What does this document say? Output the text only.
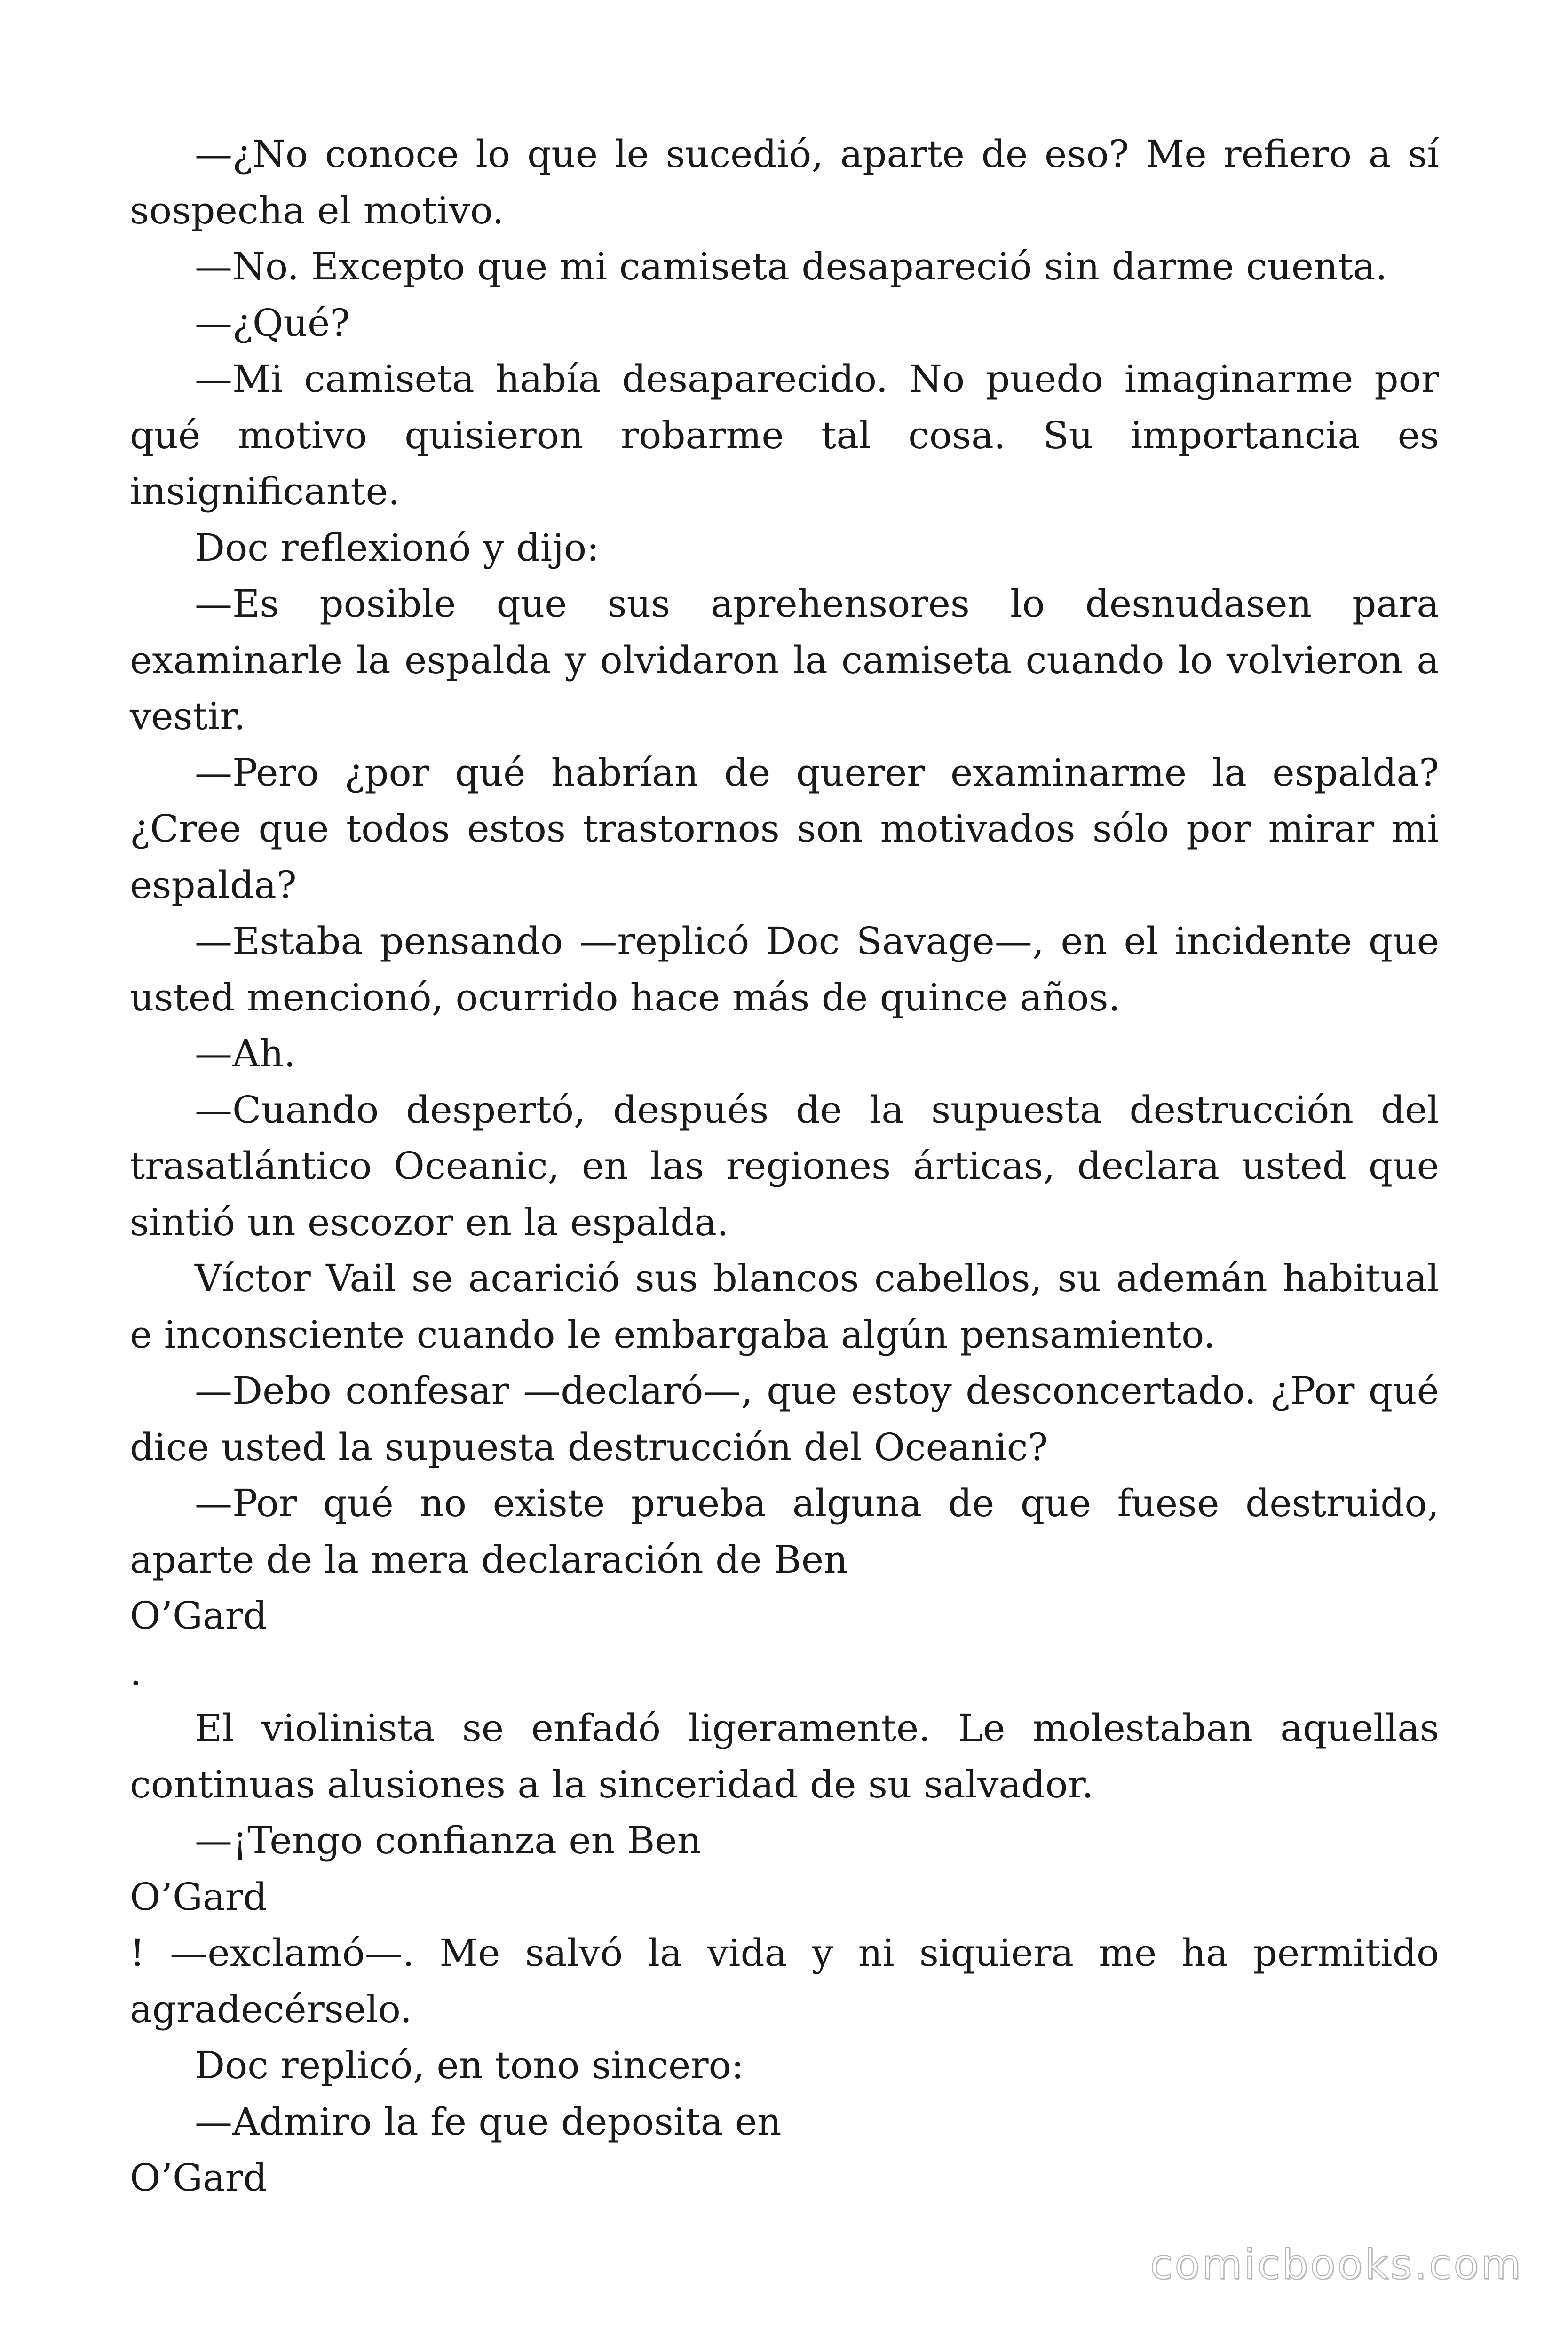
—¿No conoce lo que le sucedió, aparte de eso? Me refiero a sí sospecha el motivo.

—No. Excepto que mi camiseta desapareció sin darme cuenta.

—¿Qué?

—Mi camiseta había desaparecido. No puedo imaginarme por qué motivo quisieron robarme tal cosa. Su importancia es insignificante.

Doc reflexionó y dijo:

—Es posible que sus aprehensores lo desnudasen para examinarle la espalda y olvidaron la camiseta cuando lo volvieron a vestir.

—Pero ¿por qué habrían de querer examinarme la espalda? ¿Cree que todos estos trastornos son motivados sólo por mirar mi espalda?

—Estaba pensando —replicó Doc Savage—, en el incidente que usted mencionó, ocurrido hace más de quince años.

—Ah.

—Cuando despertó, después de la supuesta destrucción del trasatlántico Oceanic, en las regiones árticas, declara usted que sintió un escozor en la espalda.

Víctor Vail se acarició sus blancos cabellos, su ademán habitual e inconsciente cuando le embargaba algún pensamiento.

—Debo confesar —declaró—, que estoy desconcertado. ¿Por qué dice usted la supuesta destrucción del Oceanic?

—Por qué no existe prueba alguna de que fuese destruido, aparte de la mera declaración de Ben

O’Gard

.

El violinista se enfadó ligeramente. Le molestaban aquellas continuas alusiones a la sinceridad de su salvador.

—¡Tengo confianza en Ben

O’Gard

! —exclamó—. Me salvó la vida y ni siquiera me ha permitido agradecérselo.

Doc replicó, en tono sincero:

—Admiro la fe que deposita en

O’Gard

comicbooks.com
